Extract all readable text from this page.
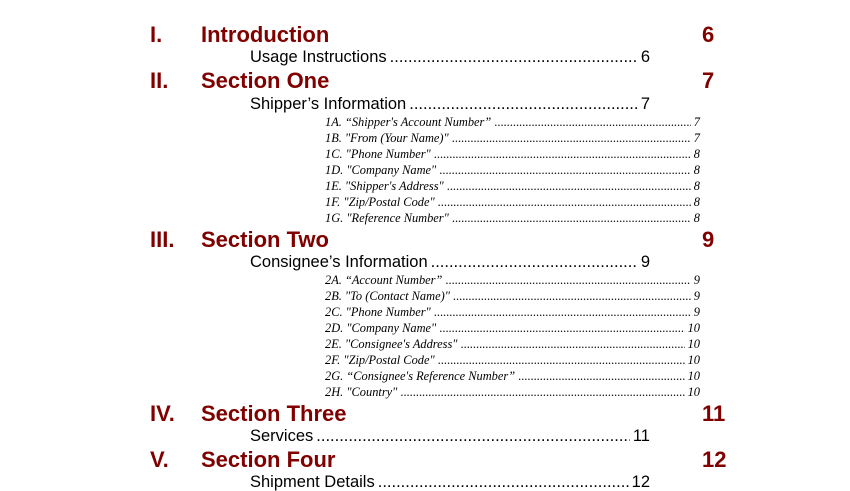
I. Introduction	6
Usage Instructions .....	6
II. Section One	7
Shipper’s Information .....	7
1A. “Shipper's Account Number” .....	7
1B. "From (Your Name)" .....	7
1C. "Phone Number" .....	8
1D. "Company Name" .....	8
1E. "Shipper's Address" .....	8
1F. "Zip/Postal Code" .....	8
1G. "Reference Number" .....	8
III. Section Two	9
Consignee’s Information .....	9
2A. “Account Number” .....	9
2B. "To (Contact Name)" .....	9
2C. "Phone Number" .....	9
2D. "Company Name" .....	10
2E. "Consignee's Address" .....	10
2F. "Zip/Postal Code" .....	10
2G. “Consignee's Reference Number” .....	10
2H. "Country" .....	10
IV. Section Three	11
Services .....	11
V. Section Four	12
Shipment Details .....	12
